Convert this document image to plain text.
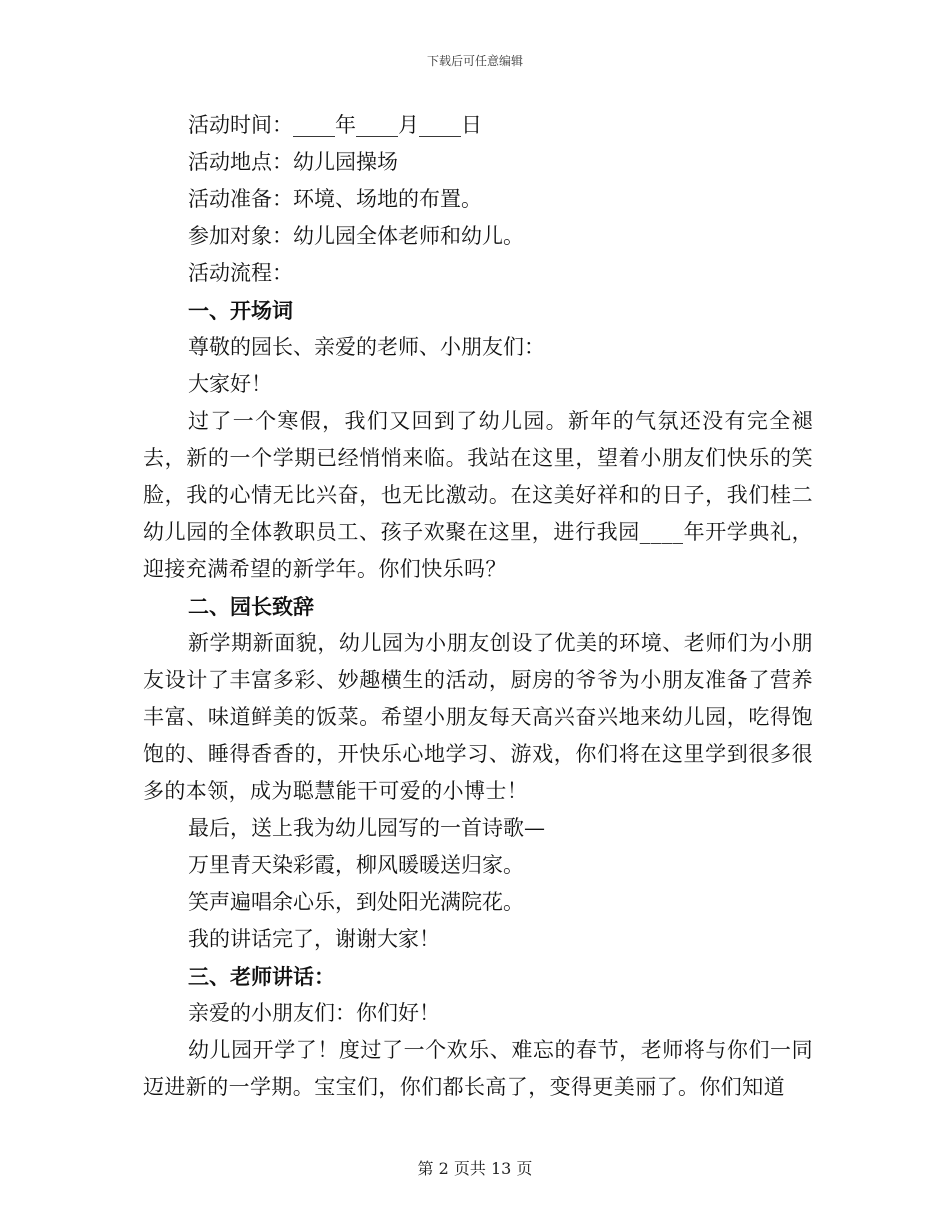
下载后可任意编辑

活动时间：____年____月____日

活动地点：幼儿园操场

活动准备：环境、场地的布置。

参加对象：幼儿园全体老师和幼儿。

活动流程：

一、开场词

尊敬的园长、亲爱的老师、小朋友们：

大家好！

过了一个寒假，我们又回到了幼儿园。新年的气氛还没有完全褪去，新的一个学期已经悄悄来临。我站在这里，望着小朋友们快乐的笑脸，我的心情无比兴奋，也无比激动。在这美好祥和的日子，我们桂二幼儿园的全体教职员工、孩子欢聚在这里，进行我园____年开学典礼，迎接充满希望的新学年。你们快乐吗？

二、园长致辞

新学期新面貌，幼儿园为小朋友创设了优美的环境、老师们为小朋友设计了丰富多彩、妙趣横生的活动，厨房的爷爷为小朋友准备了营养丰富、味道鲜美的饭菜。希望小朋友每天高兴奋兴地来幼儿园，吃得饱饱的、睡得香香的，开快乐心地学习、游戏，你们将在这里学到很多很多的本领，成为聪慧能干可爱的小博士！

最后，送上我为幼儿园写的一首诗歌—

万里青天染彩霞，柳风暖暖送归家。

笑声遍唱余心乐，到处阳光满院花。

我的讲话完了，谢谢大家！

三、老师讲话：

亲爱的小朋友们：你们好！

幼儿园开学了！度过了一个欢乐、难忘的春节，老师将与你们一同迈进新的一学期。宝宝们，你们都长高了，变得更美丽了。你们知道

第 2 页共 13 页
